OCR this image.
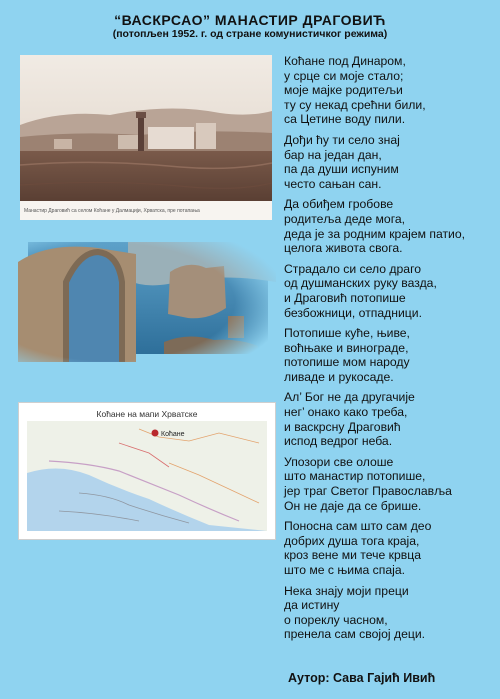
“ВАСКРСАО” МАНАСТИР ДРАГОВИЋ
(потопљен 1952. г. од стране комунистичког режима)
Манастир Драговић са селом Коћане у Далмацији, Хрватска, пре потапања
Коћане на мапи Хрватске
Коћане
Коћане под Динаром,
у срце си моје стало;
моје мајке родитељи
ту су некад срећни били,
са Цетине воду пили.
Дођи ћу ти село знај
бар на један дан,
па да души испуним
често сањан сан.
Да обиђем гробове
родитеља деде мога,
деда је за родним крајем патио,
целога живота свога.
Страдало си село драго
од душманских руку вазда,
и Драговић потопише
безбожници, отпадници.
Потопише куће, њиве,
воћњаке и винограде,
потопише мом народу
ливаде и рукосаде.
Ал’ Бог не да другачије
нег’ онако како треба,
и васкрсну Драговић
испод ведрог неба.
Упозори све олоше
што манастир потопише,
јер траг Светог Православља
Он не даје да се брише.
Поносна сам што сам део
добрих душа тога краја,
кроз вене ми тече крвца
што ме с њима спаја.
Нека знају моји преци
да истину
о пореклу часном,
пренела сам својој деци.
Аутор: Сава Гајић Ивић
